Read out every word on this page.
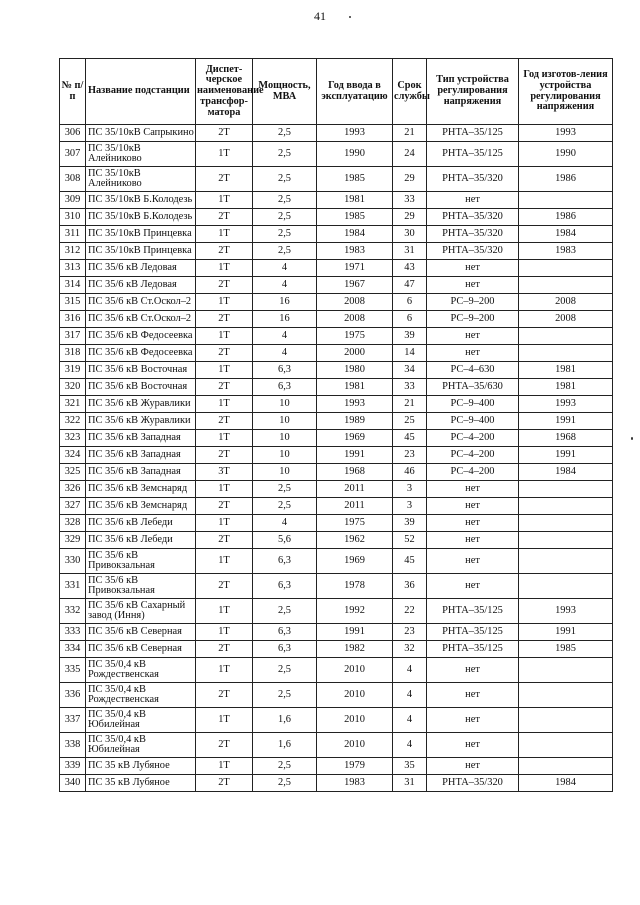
41
№ п/п	Название подстанции	Диспет-черское наименование трансфор-матора	Мощность, МВА	Год ввода в эксплуатацию	Срок службы	Тип устройства регулирования напряжения	Год изготов-ления устройства регулирования напряжения
306	ПС 35/10кВ Сапрыкино	2Т	2,5	1993	21	РНТА–35/125	1993
307	ПС 35/10кВ Алейниково	1Т	2,5	1990	24	РНТА–35/125	1990
308	ПС 35/10кВ Алейниково	2Т	2,5	1985	29	РНТА–35/320	1986
309	ПС 35/10кВ Б.Колодезь	1Т	2,5	1981	33	нет	
310	ПС 35/10кВ Б.Колодезь	2Т	2,5	1985	29	РНТА–35/320	1986
311	ПС 35/10кВ Принцевка	1Т	2,5	1984	30	РНТА–35/320	1984
312	ПС 35/10кВ Принцевка	2Т	2,5	1983	31	РНТА–35/320	1983
313	ПС 35/6 кВ Ледовая	1Т	4	1971	43	нет	
314	ПС 35/6 кВ Ледовая	2Т	4	1967	47	нет	
315	ПС 35/6 кВ Ст.Оскол–2	1Т	16	2008	6	РС–9–200	2008
316	ПС 35/6 кВ Ст.Оскол–2	2Т	16	2008	6	РС–9–200	2008
317	ПС 35/6 кВ Федосеевка	1Т	4	1975	39	нет	
318	ПС 35/6 кВ Федосеевка	2Т	4	2000	14	нет	
319	ПС 35/6 кВ Восточная	1Т	6,3	1980	34	РС–4–630	1981
320	ПС 35/6 кВ Восточная	2Т	6,3	1981	33	РНТА–35/630	1981
321	ПС 35/6 кВ Журавлики	1Т	10	1993	21	РС–9–400	1993
322	ПС 35/6 кВ Журавлики	2Т	10	1989	25	РС–9–400	1991
323	ПС 35/6 кВ Западная	1Т	10	1969	45	РС–4–200	1968
324	ПС 35/6 кВ Западная	2Т	10	1991	23	РС–4–200	1991
325	ПС 35/6 кВ Западная	3Т	10	1968	46	РС–4–200	1984
326	ПС 35/6 кВ Земснаряд	1Т	2,5	2011	3	нет	
327	ПС 35/6 кВ Земснаряд	2Т	2,5	2011	3	нет	
328	ПС 35/6 кВ Лебеди	1Т	4	1975	39	нет	
329	ПС 35/6 кВ Лебеди	2Т	5,6	1962	52	нет	
330	ПС 35/6 кВ Привокзальная	1Т	6,3	1969	45	нет	
331	ПС 35/6 кВ Привокзальная	2Т	6,3	1978	36	нет	
332	ПС 35/6 кВ Сахарный завод (Иння)	1Т	2,5	1992	22	РНТА–35/125	1993
333	ПС 35/6 кВ Северная	1Т	6,3	1991	23	РНТА–35/125	1991
334	ПС 35/6 кВ Северная	2Т	6,3	1982	32	РНТА–35/125	1985
335	ПС 35/0,4 кВ Рождественская	1Т	2,5	2010	4	нет	
336	ПС 35/0,4 кВ Рождественская	2Т	2,5	2010	4	нет	
337	ПС 35/0,4 кВ Юбилейная	1Т	1,6	2010	4	нет	
338	ПС 35/0,4 кВ Юбилейная	2Т	1,6	2010	4	нет	
339	ПС 35 кВ Лубяное	1Т	2,5	1979	35	нет	
340	ПС 35 кВ Лубяное	2Т	2,5	1983	31	РНТА–35/320	1984
